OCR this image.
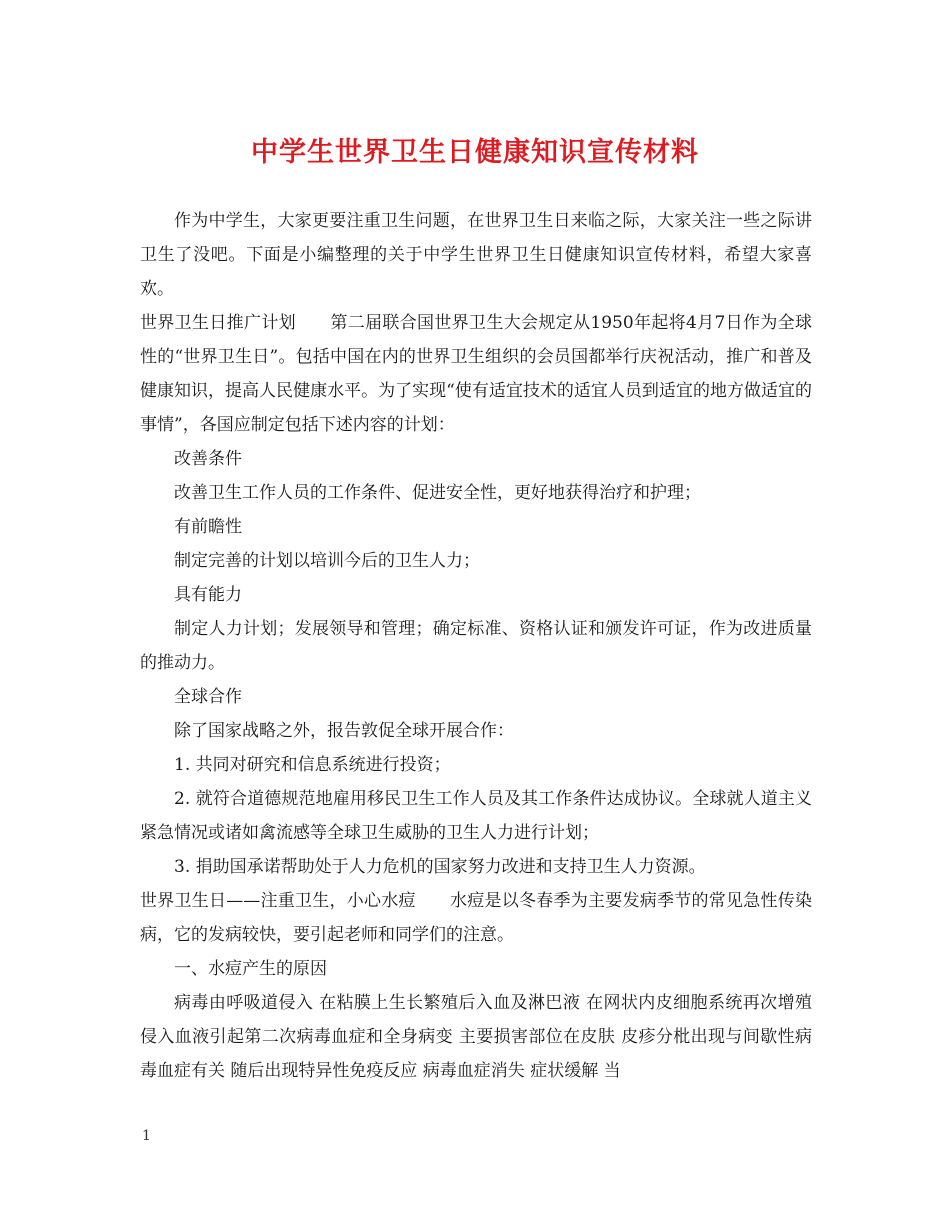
中学生世界卫生日健康知识宣传材料

作为中学生，大家更要注重卫生问题，在世界卫生日来临之际，大家关注一些之际讲卫生了没吧。下面是小编整理的关于中学生世界卫生日健康知识宣传材料，希望大家喜欢。

世界卫生日推广计划 第二届联合国世界卫生大会规定从1950年起将4月7日作为全球性的“世界卫生日”。包括中国在内的世界卫生组织的会员国都举行庆祝活动，推广和普及健康知识，提高人民健康水平。为了实现“使有适宜技术的适宜人员到适宜的地方做适宜的事情”，各国应制定包括下述内容的计划：

改善条件

改善卫生工作人员的工作条件、促进安全性，更好地获得治疗和护理；

有前瞻性

制定完善的计划以培训今后的卫生人力；

具有能力

制定人力计划；发展领导和管理；确定标准、资格认证和颁发许可证，作为改进质量的推动力。

全球合作

除了国家战略之外，报告敦促全球开展合作：

1. 共同对研究和信息系统进行投资；

2. 就符合道德规范地雇用移民卫生工作人员及其工作条件达成协议。全球就人道主义紧急情况或诸如禽流感等全球卫生威胁的卫生人力进行计划；

3. 捐助国承诺帮助处于人力危机的国家努力改进和支持卫生人力资源。

世界卫生日——注重卫生，小心水痘 水痘是以冬春季为主要发病季节的常见急性传染病，它的发病较快，要引起老师和同学们的注意。

一、水痘产生的原因

病毒由呼吸道侵入 在粘膜上生长繁殖后入血及淋巴液 在网状内皮细胞系统再次增殖 侵入血液引起第二次病毒血症和全身病变 主要损害部位在皮肤 皮疹分枇出现与间歇性病毒血症有关 随后出现特异性免疫反应 病毒血症消失 症状缓解 当

1
